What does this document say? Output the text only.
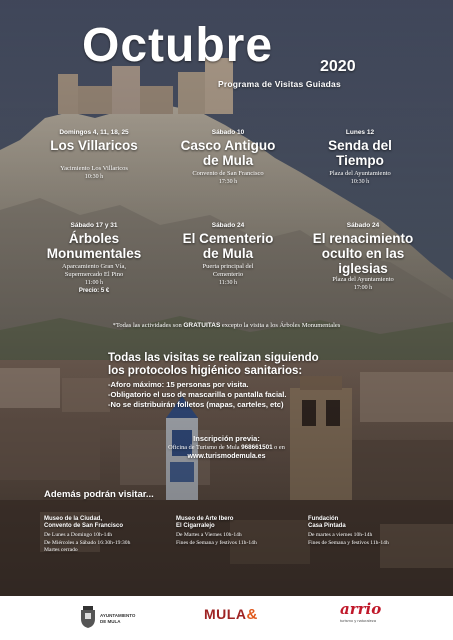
Octubre	2020
Programa de Visitas Guiadas
Domingos 4, 11, 18, 25
Los Villaricos
Yacimiento Los Villaricos
10:30 h
Sábado 10
Casco Antiguo
de Mula
Convento de San Francisco
17:30 h
Lunes 12
Senda del
Tiempo
Plaza del Ayuntamiento
10:30 h
Sábado 17 y 31
Árboles
Monumentales
Aparcamiento Gran Vía,
Supermercado El Pino
11:00 h
Precio: 5 €
Sábado 24
El Cementerio
de Mula
Puerta principal del
Cementerio
11:30 h
Sábado 24
El renacimiento
oculto en las
iglesias
Plaza del Ayuntamiento
17:00 h
*Todas las actividades son GRATUITAS excepto la visita a los Árboles Monumentales
Todas las visitas se realizan siguiendo
los protocolos higiénico sanitarios:
-Aforo máximo: 15 personas por visita.
-Obligatorio el uso de mascarilla o pantalla facial.
-No se distribuirán folletos (mapas, carteles, etc)
Inscripción previa:
Oficina de Turismo de Mula 968661501 o en
www.turismodemula.es
Además podrán visitar...
Museo de la Ciudad,
Convento de San Francisco
De Lunes a Domingo 10h-14h
De Miércoles a Sábado 16:30h-19:30h
Martes cerrado
Museo de Arte Ibero
El Cigarralejo
De Martes a Viernes 10h-14h
Fines de Semana y festivos 11h-14h
Fundación
Casa Pintada
De martes a viernes 10h-14h
Fines de Semana y festivos 11h-14h
AYUNTAMIENTO
DE MULA	MULA&	arrio
turismo y naturaleza
